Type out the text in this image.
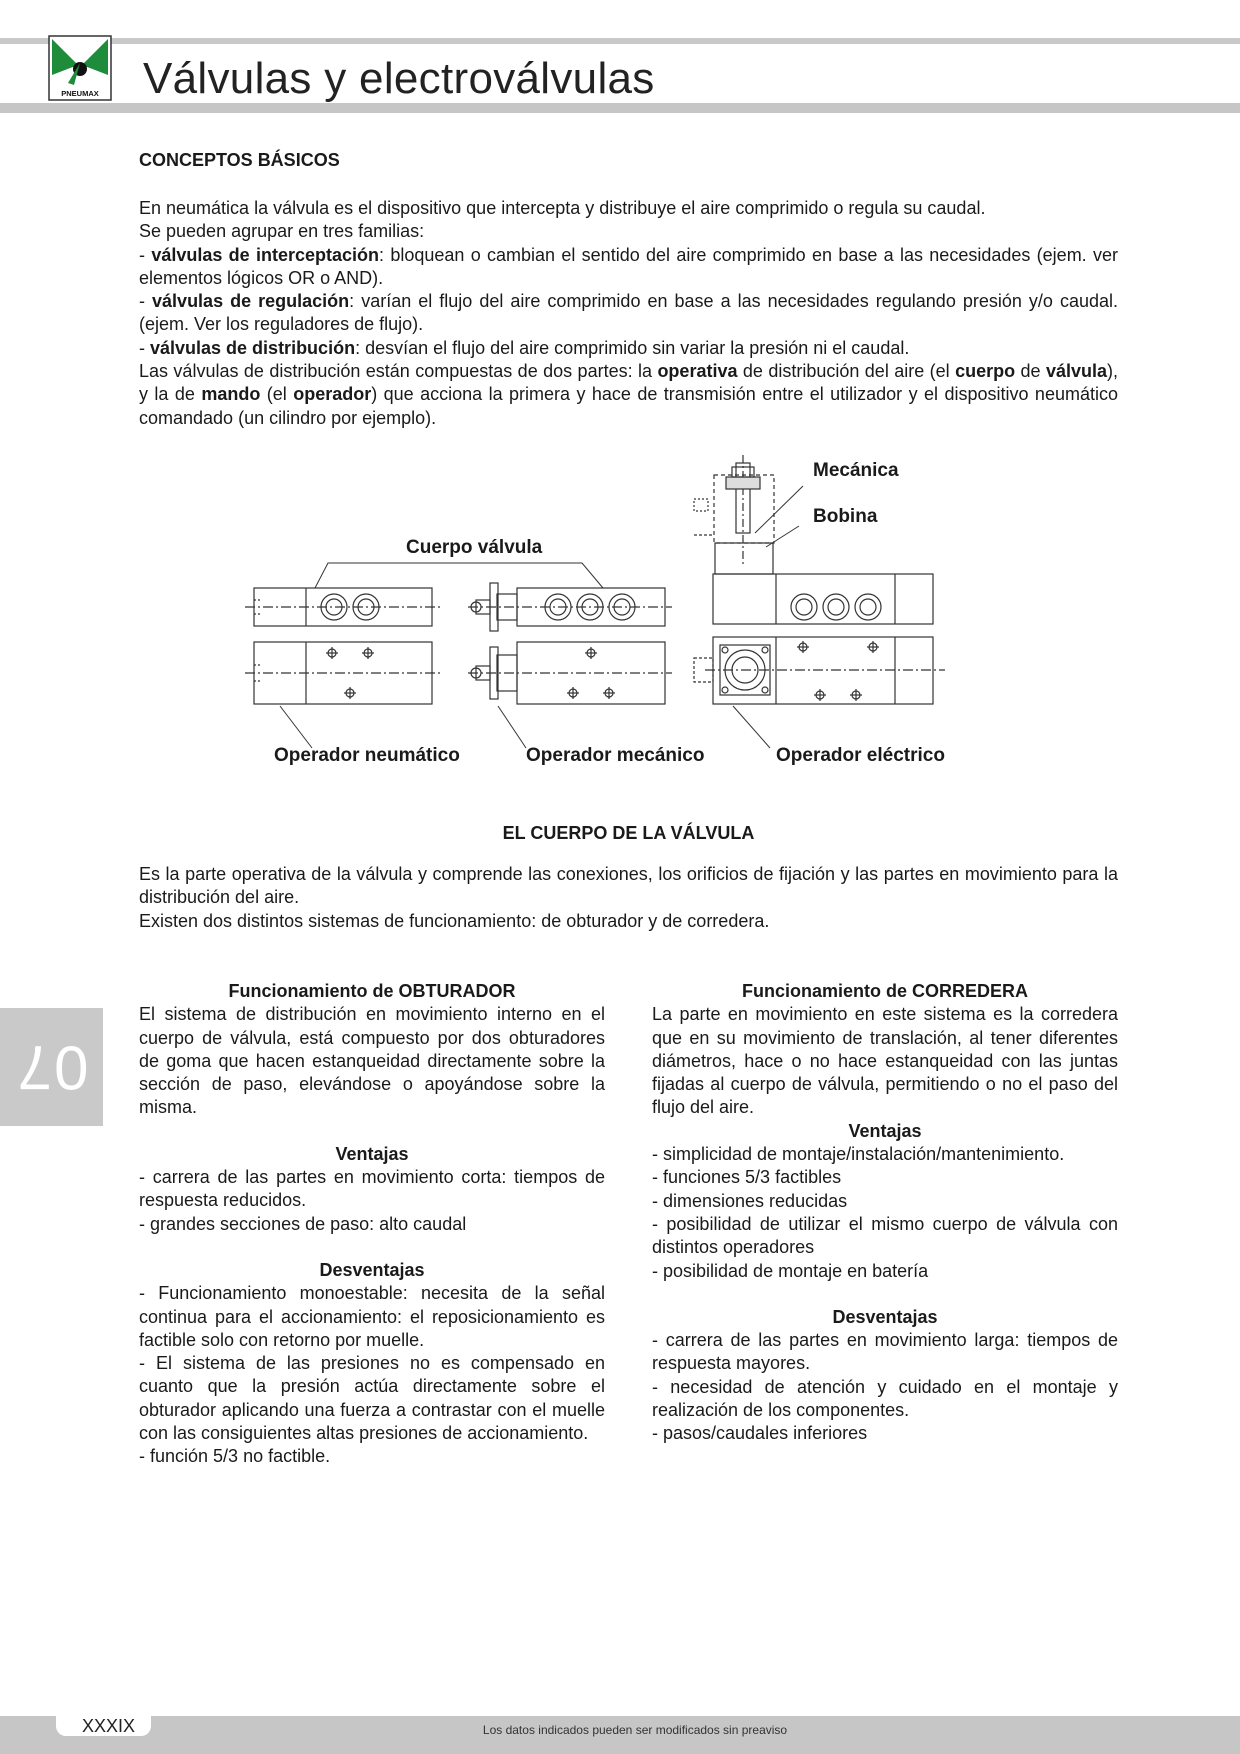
PNEUMAX Válvulas y electroválvulas
CONCEPTOS BÁSICOS

En neumática la válvula es el dispositivo que intercepta y distribuye el aire comprimido o regula su caudal.

Se pueden agrupar en tres familias:

- válvulas de interceptación: bloquean o cambian el sentido del aire comprimido en base a las necesidades (ejem. ver elementos lógicos OR o AND).

- válvulas de regulación: varían el flujo del aire comprimido en base a las necesidades regulando presión y/o caudal. (ejem. Ver los reguladores de flujo).

- válvulas de distribución: desvían el flujo del aire comprimido sin variar la presión ni el caudal.

Las válvulas de distribución están compuestas de dos partes: la operativa de distribución del aire (el cuerpo de válvula), y la de mando (el operador) que acciona la primera y hace de transmisión entre el utilizador y el dispositivo neumático comandado (un cilindro por ejemplo).

Cuerpo válvula
Mecánica
Bobina
Operador neumático	Operador mecánico	Operador eléctrico
EL CUERPO DE LA VÁLVULA

Es la parte operativa de la válvula y comprende las conexiones, los orificios de fijación y las partes en movimiento para la distribución del aire.

Existen dos distintos sistemas de funcionamiento: de obturador y de corredera.

Funcionamiento de OBTURADOR

El sistema de distribución en movimiento interno en el cuerpo de válvula, está compuesto por dos obturadores de goma que hacen estanqueidad directamente sobre la sección de paso, elevándose o apoyándose sobre la misma.

Ventajas

- carrera de las partes en movimiento corta: tiempos de respuesta reducidos.

- grandes secciones de paso: alto caudal

Desventajas

- Funcionamiento monoestable: necesita de la señal continua para el accionamiento: el reposicionamiento es factible solo con retorno por muelle.

- El sistema de las presiones no es compensado en cuanto que la presión actúa directamente sobre el obturador aplicando una fuerza a contrastar con el muelle con las consiguientes altas presiones de accionamiento.

- función 5/3 no factible.

Funcionamiento de CORREDERA

La parte en movimiento en este sistema es la corredera que en su movimiento de translación, al tener diferentes diámetros, hace o no hace estanqueidad con las juntas fijadas al cuerpo de válvula, permitiendo o no el paso del flujo del aire.

Ventajas

- simplicidad de montaje/instalación/mantenimiento.

- funciones 5/3 factibles

- dimensiones reducidas

- posibilidad de utilizar el mismo cuerpo de válvula con distintos operadores

- posibilidad de montaje en batería

Desventajas

- carrera de las partes en movimiento larga: tiempos de respuesta mayores.

- necesidad de atención y cuidado en el montaje y realización de los componentes.

- pasos/caudales inferiores

07
XXXIX	Los datos indicados pueden ser modificados sin preaviso
